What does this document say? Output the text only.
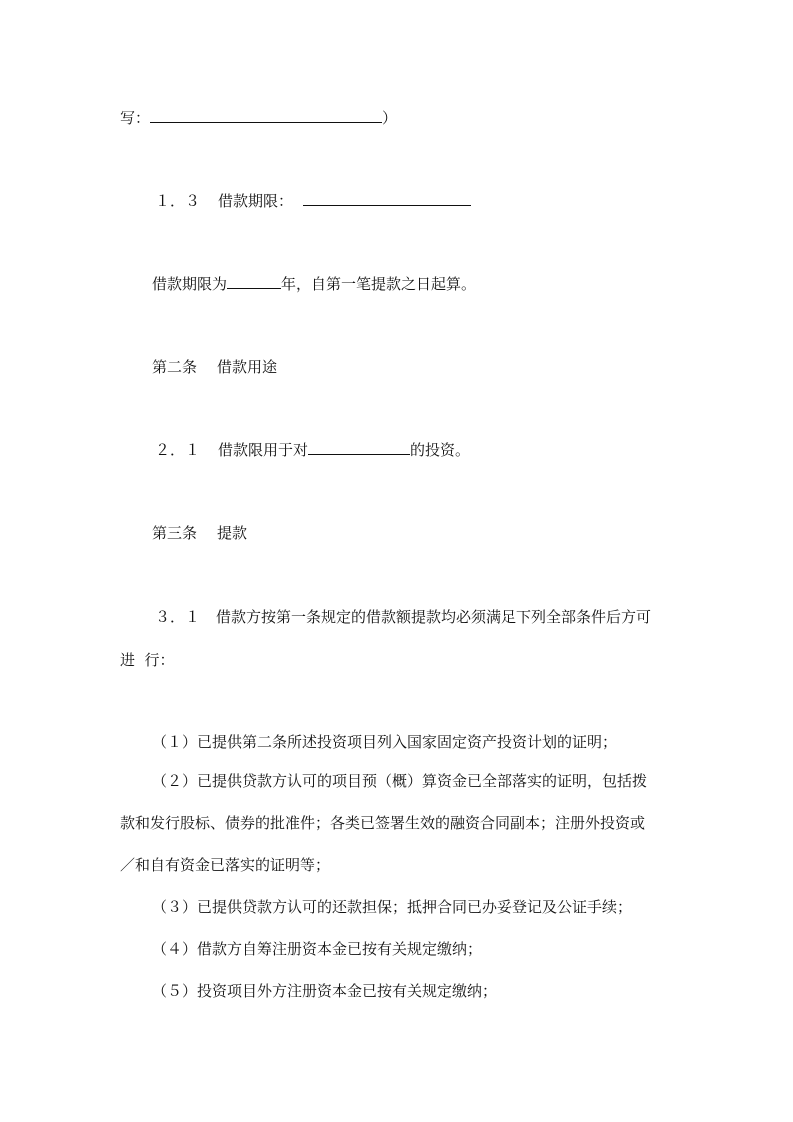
写：	）
１．３ 借款期限：
借款期限为	年，自第一笔提款之日起算。
第二条 借款用途
２．１ 借款限用于对	的投资。
第三条 提款
３．１ 借款方按第一条规定的借款额提款均必须满足下列全部条件后方可
进  行：
（１）已提供第二条所述投资项目列入国家固定资产投资计划的证明；
（２）已提供贷款方认可的项目预（概）算资金已全部落实的证明，包括拨
款和发行股标、债券的批准件；各类已签署生效的融资合同副本；注册外投资或
／和自有资金已落实的证明等；
（３）已提供贷款方认可的还款担保；抵押合同已办妥登记及公证手续；
（４）借款方自筹注册资本金已按有关规定缴纳；
（５）投资项目外方注册资本金已按有关规定缴纳；
